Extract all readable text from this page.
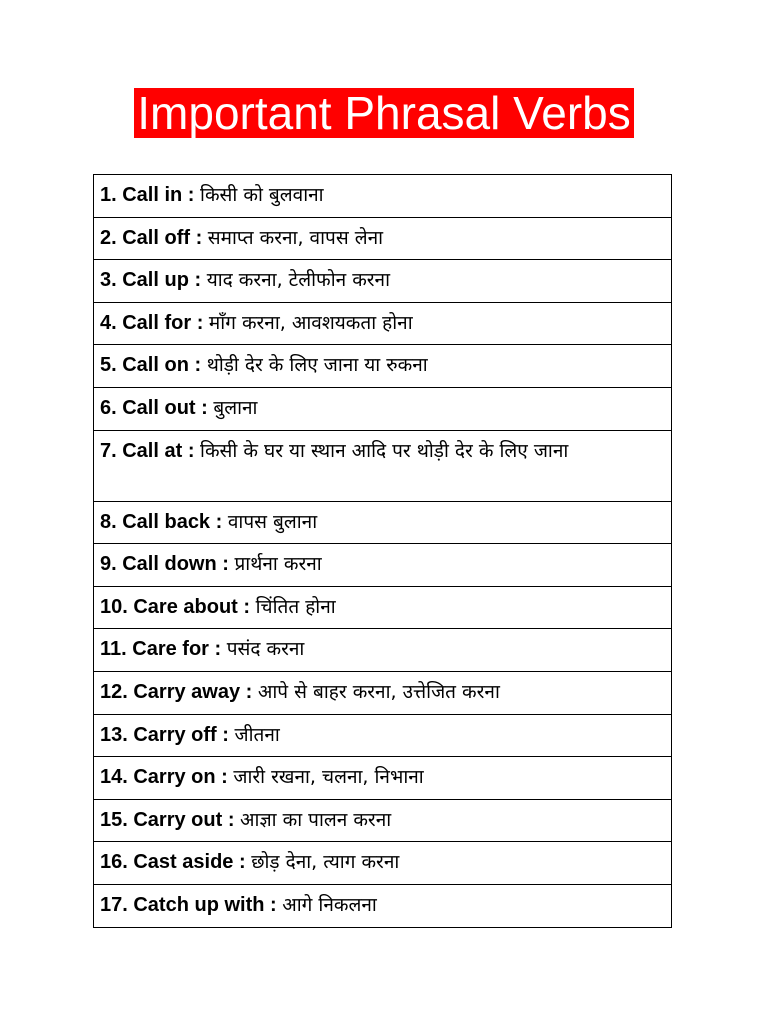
Important Phrasal Verbs
1. Call in : किसी को बुलवाना
2. Call off : समाप्त करना, वापस लेना
3. Call up : याद करना, टेलीफोन करना
4. Call for : माँग करना, आवशयकता होना
5. Call on : थोड़ी देर के लिए जाना या रुकना
6. Call out : बुलाना
7. Call at : किसी के घर या स्थान आदि पर थोड़ी देर के लिए जाना
8. Call back : वापस बुलाना
9. Call down : प्रार्थना करना
10. Care about : चिंतित होना
11. Care for : पसंद करना
12. Carry away : आपे से बाहर करना, उत्तेजित करना
13. Carry off : जीतना
14. Carry on : जारी रखना, चलना, निभाना
15. Carry out : आज्ञा का पालन करना
16. Cast aside : छोड़ देना, त्याग करना
17. Catch up with : आगे निकलना
